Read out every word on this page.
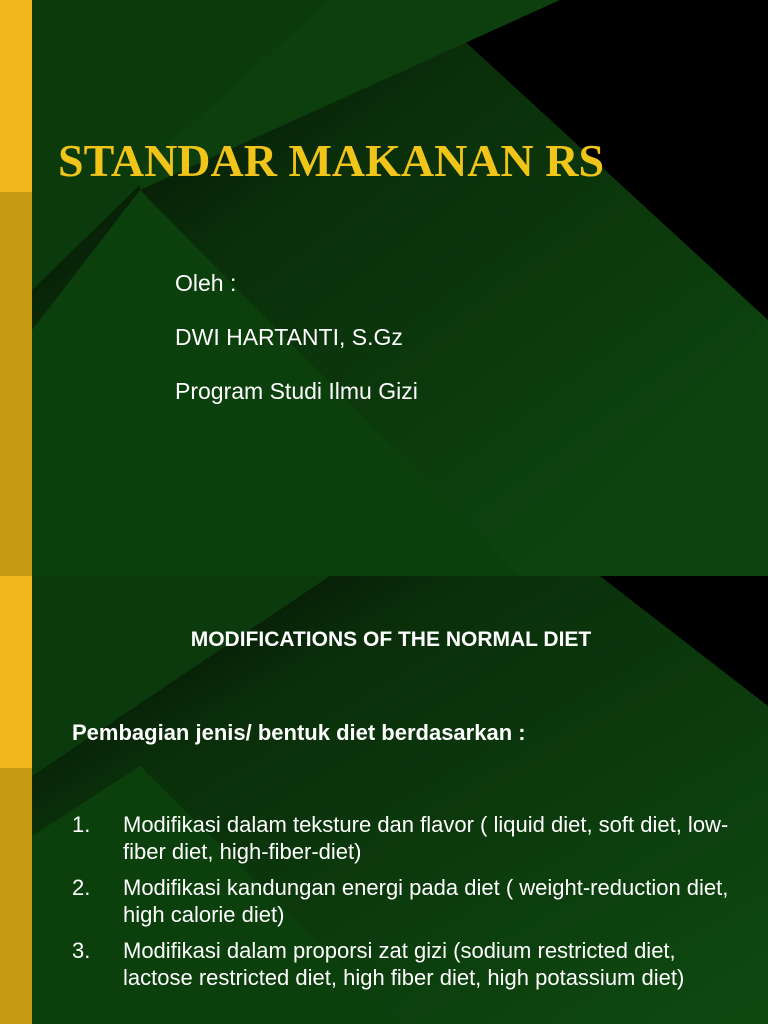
STANDAR MAKANAN RS
Oleh :
DWI HARTANTI, S.Gz
Program Studi Ilmu Gizi
MODIFICATIONS OF THE NORMAL DIET
Pembagian jenis/ bentuk diet berdasarkan :
1. Modifikasi dalam teksture dan flavor ( liquid diet, soft diet, low-fiber diet, high-fiber-diet)
2. Modifikasi kandungan energi pada diet ( weight-reduction diet, high calorie diet)
3. Modifikasi dalam proporsi zat gizi (sodium restricted diet, lactose restricted diet, high fiber diet, high potassium diet)
